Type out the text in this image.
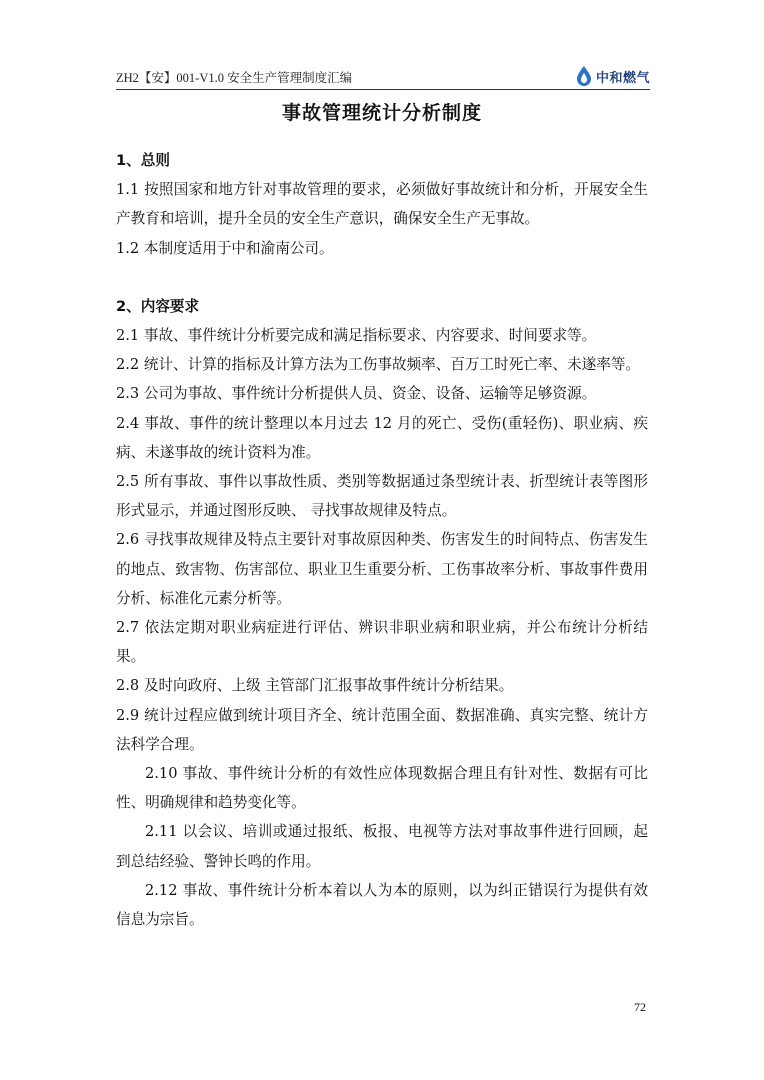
ZH2【安】001-V1.0 安全生产管理制度汇编	中和燃气
事故管理统计分析制度

1、总则

1.1 按照国家和地方针对事故管理的要求，必须做好事故统计和分析，开展安全生产教育和培训，提升全员的安全生产意识，确保安全生产无事故。

1.2 本制度适用于中和渝南公司。

2、内容要求

2.1 事故、事件统计分析要完成和满足指标要求、内容要求、时间要求等。

2.2 统计、计算的指标及计算方法为工伤事故频率、百万工时死亡率、未遂率等。

2.3 公司为事故、事件统计分析提供人员、资金、设备、运输等足够资源。

2.4 事故、事件的统计整理以本月过去 12 月的死亡、受伤(重轻伤)、职业病、疾病、未遂事故的统计资料为准。

2.5 所有事故、事件以事故性质、类别等数据通过条型统计表、折型统计表等图形形式显示，并通过图形反映、 寻找事故规律及特点。

2.6 寻找事故规律及特点主要针对事故原因种类、伤害发生的时间特点、伤害发生的地点、致害物、伤害部位、职业卫生重要分析、工伤事故率分析、事故事件费用分析、标准化元素分析等。

2.7 依法定期对职业病症进行评估、辨识非职业病和职业病，并公布统计分析结果。

2.8 及时向政府、上级 主管部门汇报事故事件统计分析结果。

2.9 统计过程应做到统计项目齐全、统计范围全面、数据准确、真实完整、统计方法科学合理。

2.10 事故、事件统计分析的有效性应体现数据合理且有针对性、数据有可比性、明确规律和趋势变化等。

2.11 以会议、培训或通过报纸、板报、电视等方法对事故事件进行回顾，起到总结经验、警钟长鸣的作用。

2.12 事故、事件统计分析本着以人为本的原则，以为纠正错误行为提供有效信息为宗旨。

72
